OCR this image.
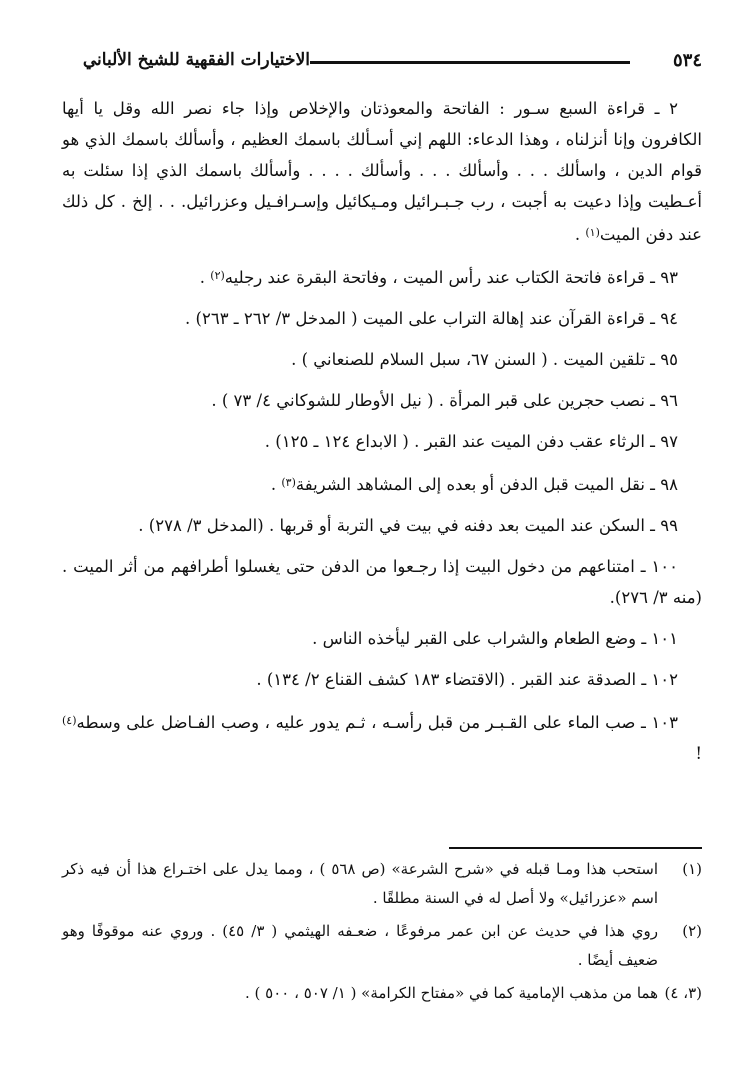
٥٣٤
الاختيارات الفقهية للشيخ الألباني

٢ ـ قراءة السبع سـور : الفاتحة والمعوذتان والإخلاص وإذا جاء نصر الله وقل يا أيها الكافرون وإنا أنزلناه ، وهذا الدعاء: اللهم إني أسـألك باسمك العظيم ، وأسألك باسمك الذي هو قوام الدين ، واسألك . . . وأسألك . . . وأسألك . . . . وأسألك باسمك الذي إذا سئلت به أعـطيت وإذا دعيت به أجبت ، رب جـبـرائيل ومـيكائيل وإسـرافـيل وعزرائيل. . . إلخ . كل ذلك عند دفن الميت$^{(١)}$ .

٩٣ ـ قراءة فاتحة الكتاب عند رأس الميت ، وفاتحة البقرة عند رجليه$^{(٢)}$ .
٩٤ ـ قراءة القرآن عند إهالة التراب على الميت ( المدخل ٣/ ٢٦٢ ـ ٢٦٣) .
٩٥ ـ تلقين الميت . ( السنن ٦٧، سبل السلام للصنعاني ) .
٩٦ ـ نصب حجرين على قبر المرأة . ( نيل الأوطار للشوكاني ٤/ ٧٣ ) .
٩٧ ـ الرثاء عقب دفن الميت عند القبر . ( الابداع ١٢٤ ـ ١٢٥) .
٩٨ ـ نقل الميت قبل الدفن أو بعده إلى المشاهد الشريفة$^{(٣)}$ .
٩٩ ـ السكن عند الميت بعد دفنه في بيت في التربة أو قربها . (المدخل ٣/ ٢٧٨) .

١٠٠ ـ امتناعهم من دخول البيت إذا رجـعوا من الدفن حتى يغسلوا أطرافهم من أثر الميت . (منه ٣/ ٢٧٦).

١٠١ ـ وضع الطعام والشراب على القبر ليأخذه الناس .
١٠٢ ـ الصدقة عند القبر . (الاقتضاء ١٨٣ كشف القناع ٢/ ١٣٤) .

١٠٣ ـ صب الماء على القـبـر من قبل رأسـه ، ثـم يدور عليه ، وصب الفـاضل على وسطه$^{(٤)}$ !

(١)
استحب هذا ومـا قبله في «شرح الشرعة» (ص ٥٦٨ ) ، ومما يدل على اختـراع هذا أن فيه ذكر اسم «عزرائيل» ولا أصل له في السنة مطلقًا .
(٢)
روي هذا في حديث عن ابن عمر مرفوعًا ، ضعـفه الهيثمي ( ٣/ ٤٥) . وروي عنه موقوفًا وهو ضعيف أيضًا .
(٣، ٤)
هما من مذهب الإمامية كما في «مفتاح الكرامة» ( ١/ ٥٠٧ ، ٥٠٠ ) .
